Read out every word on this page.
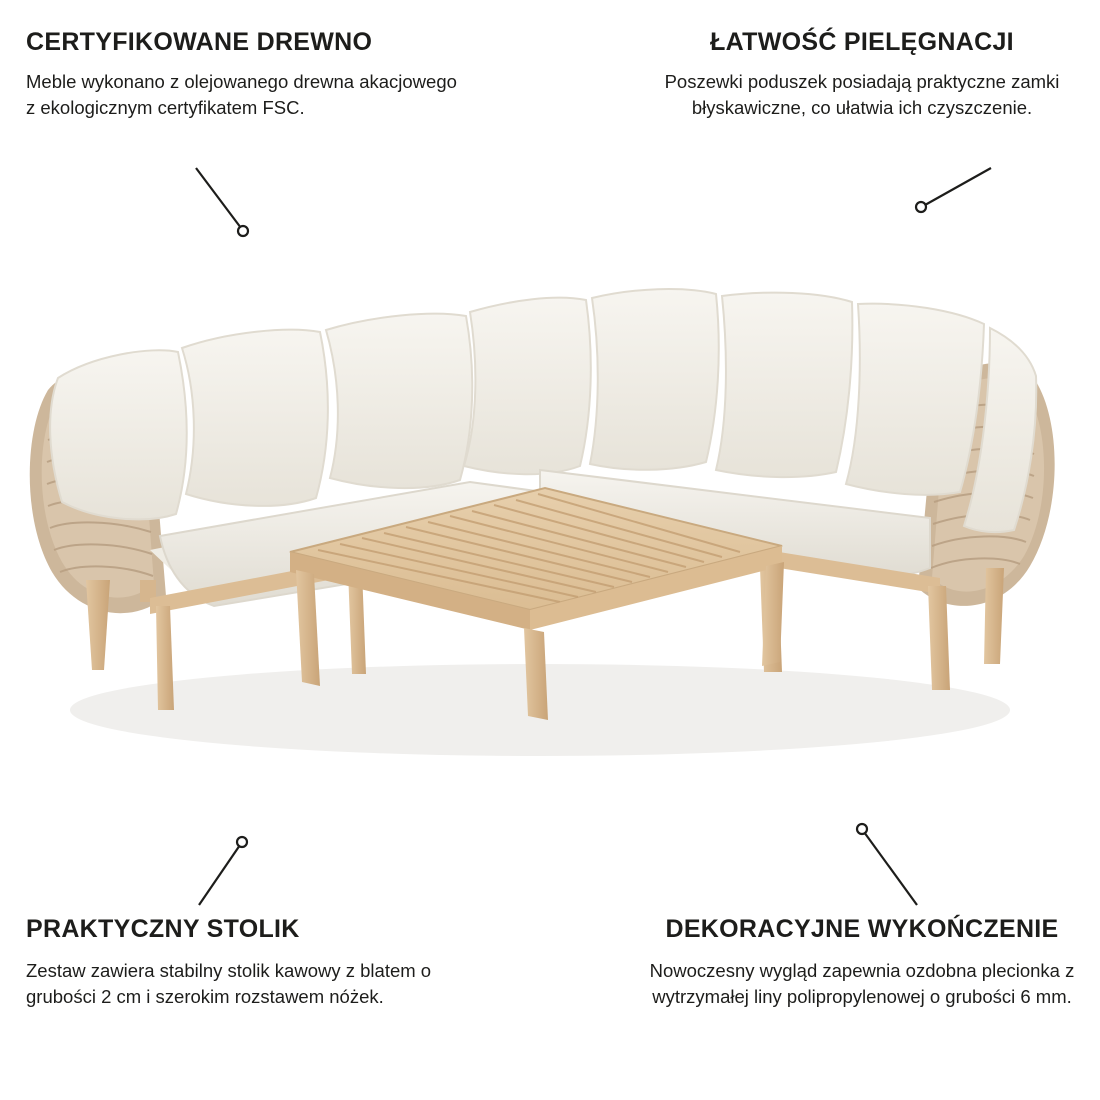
CERTYFIKOWANE DREWNO

Meble wykonano z olejowanego drewna akacjowego z ekologicznym certyfikatem FSC.

ŁATWOŚĆ PIELĘGNACJI

Poszewki poduszek posiadają praktyczne zamki błyskawiczne, co ułatwia ich czyszczenie.

PRAKTYCZNY STOLIK

Zestaw zawiera stabilny stolik kawowy z blatem o grubości 2 cm i szerokim rozstawem nóżek.

DEKORACYJNE WYKOŃCZENIE

Nowoczesny wygląd zapewnia ozdobna plecionka z wytrzymałej liny polipropylenowej o grubości 6 mm.
